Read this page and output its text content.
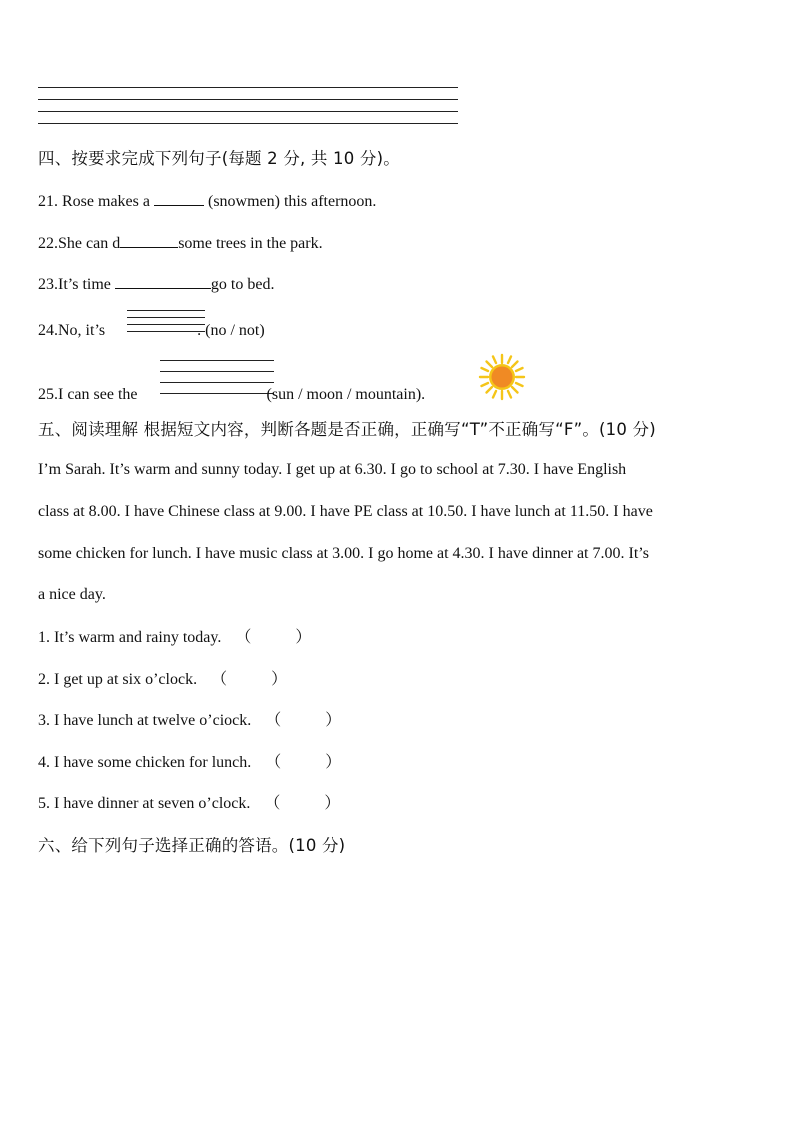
四、按要求完成下列句子(每题 2 分, 共 10 分)。
21. Rose makes a	(snowmen) this afternoon.
22.She can d	some trees in the park.
23.It’s time	go to bed.
24.No, it’s	. (no / not)
25.I can see the	(sun / moon / mountain).
五、阅读理解 根据短文内容，判断各题是否正确，正确写“T”不正确写“F”。(10 分)
I’m Sarah. It’s warm and sunny today. I get up at 6.30. I go to school at 7.30. I have English
class at 8.00. I have Chinese class at 9.00. I have PE class at 10.50. I have lunch at 11.50. I have
some chicken for lunch. I have music class at 3.00. I go home at 4.30. I have dinner at 7.00. It’s
a nice day.
1. It’s warm and rainy today. （	）
2. I get up at six o’clock. （	）
3. I have lunch at twelve o’ciock. （	）
4. I have some chicken for lunch. （	）
5. I have dinner at seven o’clock. （	）
六、给下列句子选择正确的答语。(10 分)
